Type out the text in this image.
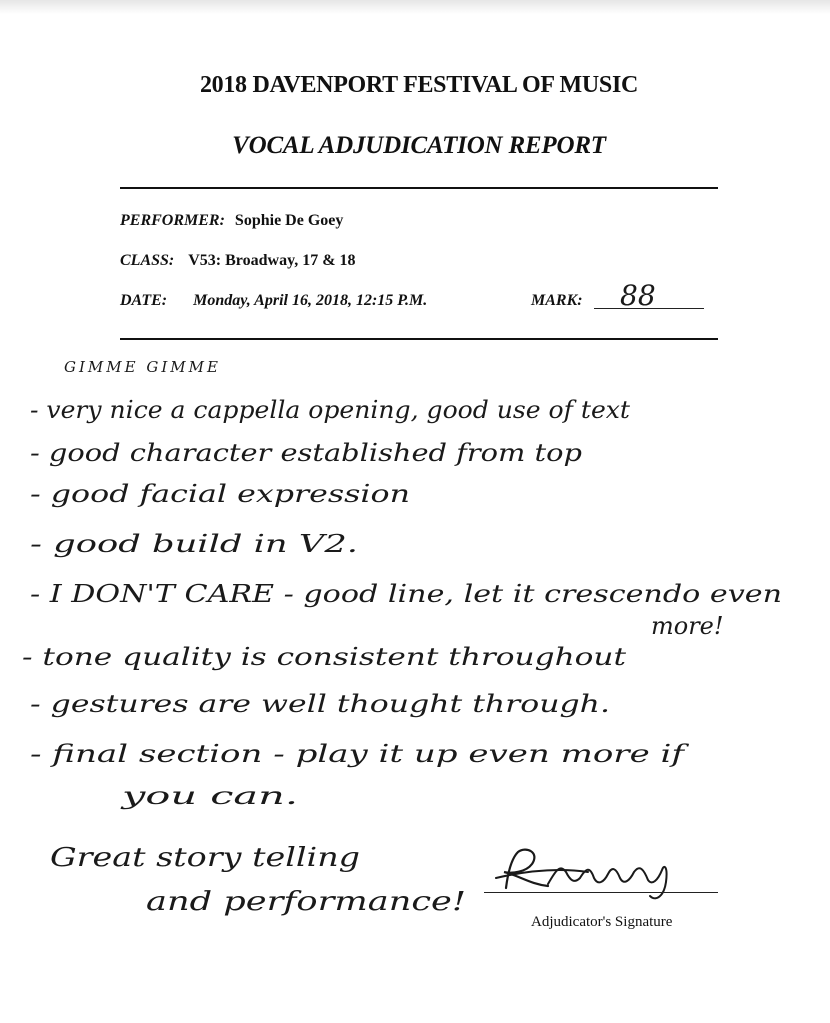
2018 DAVENPORT FESTIVAL OF MUSIC
VOCAL ADJUDICATION REPORT
PERFORMER: Sophie De Goey
CLASS: V53: Broadway, 17 & 18
DATE: Monday, April 16, 2018, 12:15 P.M.	MARK: 88
GIMME GIMME
- very nice a cappella opening, good use of text
- good character established from top
- good facial expression
- good build in V2.
- I DON'T CARE - good line, let it crescendo even
more!
- tone quality is consistent throughout
- gestures are well thought through.
- final section - play it up even more if
you can.
Great story telling
and performance!
Adjudicator's Signature
